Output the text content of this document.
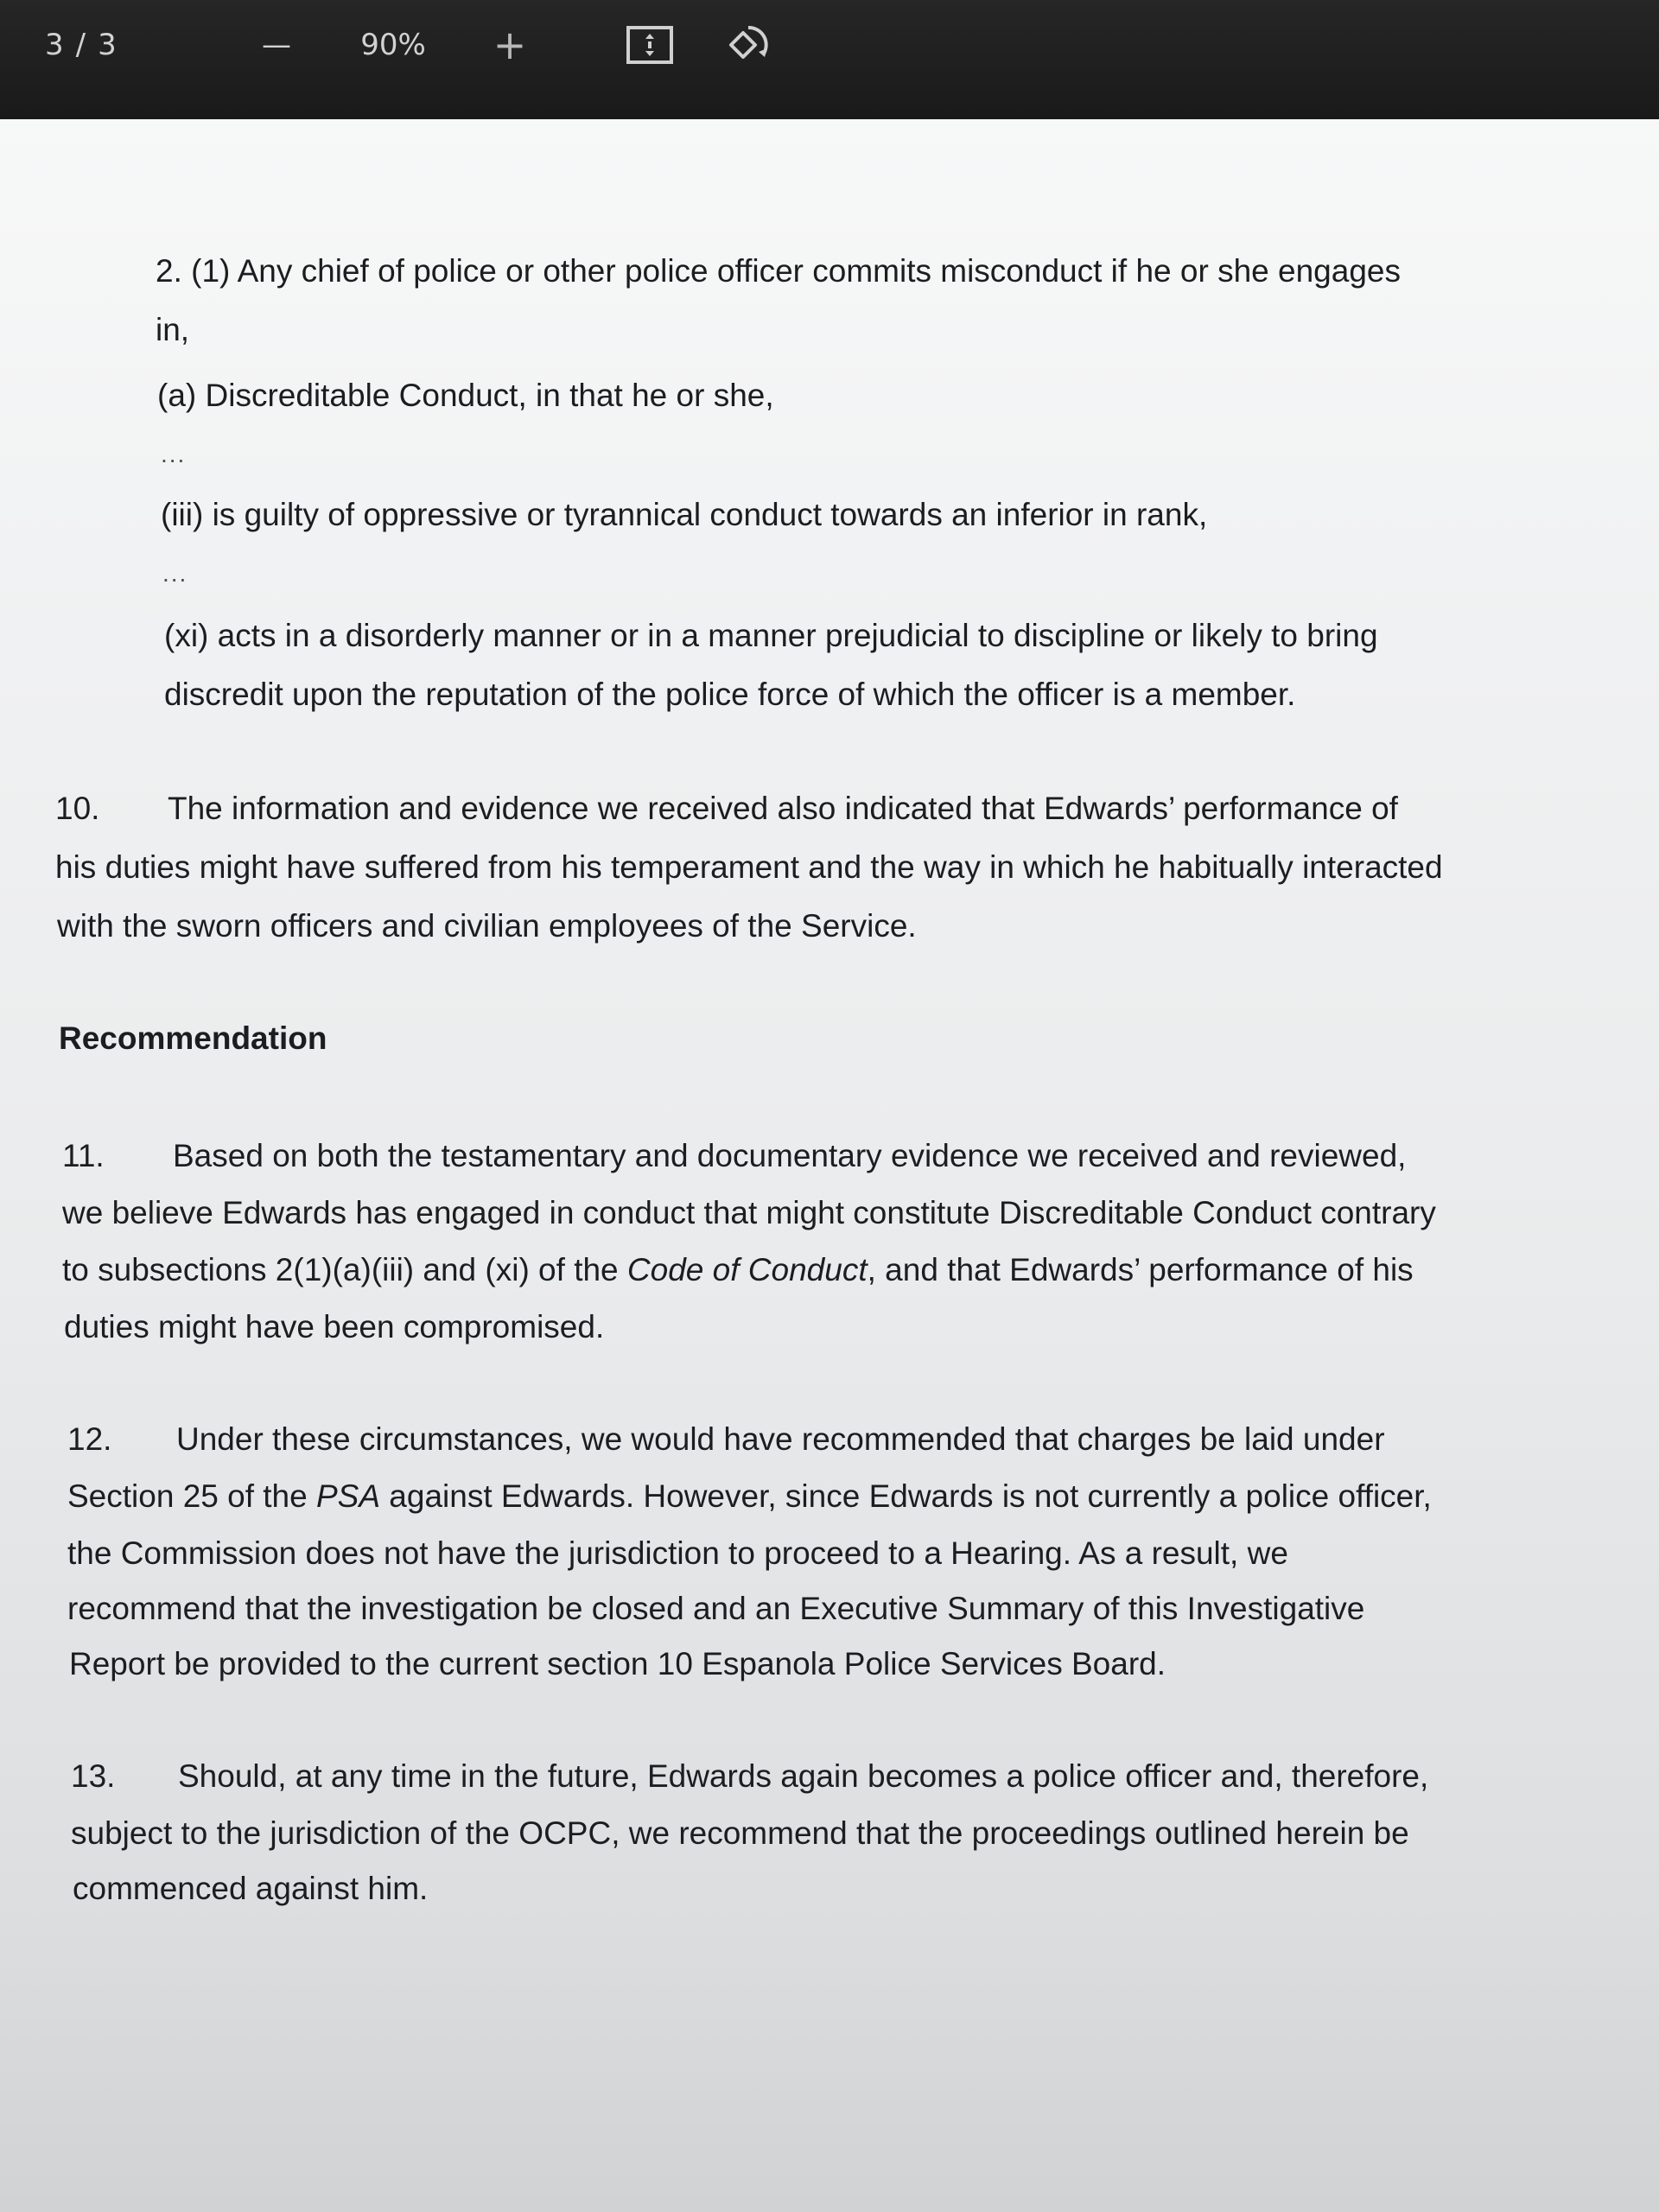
3 / 3	— 90% +
2. (1) Any chief of police or other police officer commits misconduct if he or she engages
in,
(a) Discreditable Conduct, in that he or she,
...
(iii) is guilty of oppressive or tyrannical conduct towards an inferior in rank,
...
(xi) acts in a disorderly manner or in a manner prejudicial to discipline or likely to bring
discredit upon the reputation of the police force of which the officer is a member.
10. The information and evidence we received also indicated that Edwards’ performance of
his duties might have suffered from his temperament and the way in which he habitually interacted
with the sworn officers and civilian employees of the Service.
Recommendation
11. Based on both the testamentary and documentary evidence we received and reviewed,
we believe Edwards has engaged in conduct that might constitute Discreditable Conduct contrary
to subsections 2(1)(a)(iii) and (xi) of the Code of Conduct, and that Edwards’ performance of his
duties might have been compromised.
12. Under these circumstances, we would have recommended that charges be laid under
Section 25 of the PSA against Edwards. However, since Edwards is not currently a police officer,
the Commission does not have the jurisdiction to proceed to a Hearing. As a result, we
recommend that the investigation be closed and an Executive Summary of this Investigative
Report be provided to the current section 10 Espanola Police Services Board.
13. Should, at any time in the future, Edwards again becomes a police officer and, therefore,
subject to the jurisdiction of the OCPC, we recommend that the proceedings outlined herein be
commenced against him.
